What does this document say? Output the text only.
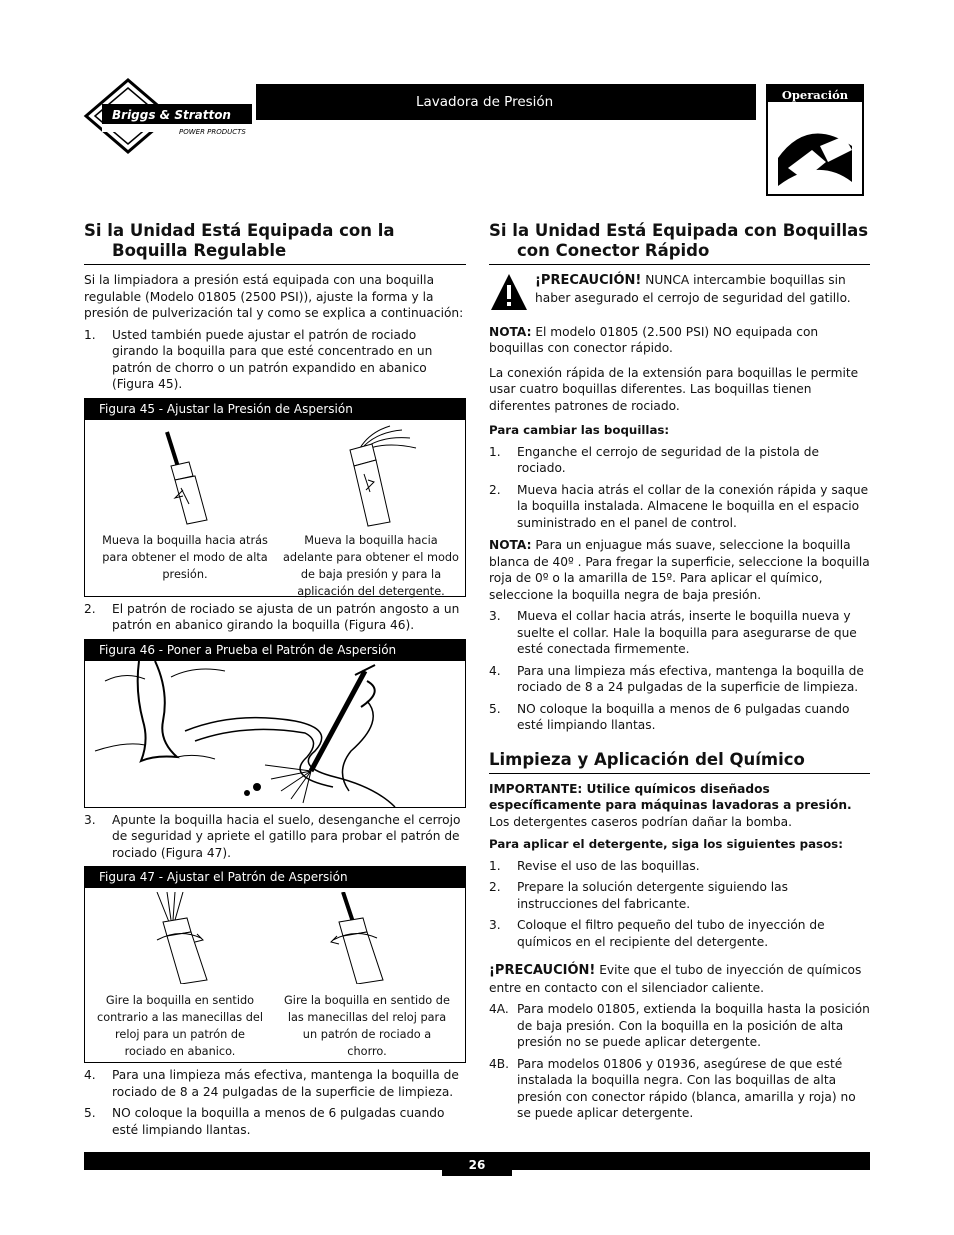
Briggs & Stratton
POWER PRODUCTS
Lavadora de Presión	Operación
Si la Unidad Está Equipada con la Boquilla Regulable

Si la limpiadora a presión está equipada con una boquilla regulable (Modelo 01805 (2500 PSI)), ajuste la forma y la presión de pulverización tal y como se explica a continuación:

1.	Usted también puede ajustar el patrón de rociado girando la boquilla para que esté concentrado en un patrón de chorro o un patrón expandido en abanico (Figura 45).
Figura 45 - Ajustar la Presión de Aspersión
Mueva la boquilla hacia atrás para obtener el modo de alta presión.
Mueva la boquilla hacia adelante para obtener el modo de baja presión y para la aplicación del detergente.
2.	El patrón de rociado se ajusta de un patrón angosto a un patrón en abanico girando la boquilla (Figura 46).
Figura 46 - Poner a Prueba el Patrón de Aspersión
3.	Apunte la boquilla hacia el suelo, desenganche el cerrojo de seguridad y apriete el gatillo para probar el patrón de rociado (Figura 47).
Figura 47 - Ajustar el Patrón de Aspersión
Gire la boquilla en sentido contrario a las manecillas del reloj para un patrón de rociado en abanico.
Gire la boquilla en sentido de las manecillas del reloj para un patrón de rociado a chorro.
4.	Para una limpieza más efectiva, mantenga la boquilla de rociado de 8 a 24 pulgadas de la superficie de limpieza.
5.	NO coloque la boquilla a menos de 6 pulgadas cuando esté limpiando llantas.
Si la Unidad Está Equipada con Boquillas con Conector Rápido
¡PRECAUCIÓN! NUNCA intercambie boquillas sin haber asegurado el cerrojo de seguridad del gatillo.

NOTA: El modelo 01805 (2.500 PSI) NO equipada con boquillas con conector rápido.

La conexión rápida de la extensión para boquillas le permite usar cuatro boquillas diferentes. Las boquillas tienen diferentes patrones de rociado.

Para cambiar las boquillas:

1.	Enganche el cerrojo de seguridad de la pistola de rociado.
2.	Mueva hacia atrás el collar de la conexión rápida y saque la boquilla instalada. Almacene le boquilla en el espacio suministrado en el panel de control.

NOTA: Para un enjuague más suave, seleccione la boquilla blanca de 40º . Para fregar la superficie, seleccione la boquilla roja de 0º o la amarilla de 15º. Para aplicar el químico, seleccione la boquilla negra de baja presión.

3.	Mueva el collar hacia atrás, inserte le boquilla nueva y suelte el collar. Hale la boquilla para asegurarse de que esté conectada firmemente.
4.	Para una limpieza más efectiva, mantenga la boquilla de rociado de 8 a 24 pulgadas de la superficie de limpieza.
5.	NO coloque la boquilla a menos de 6 pulgadas cuando esté limpiando llantas.
Limpieza y Aplicación del Químico

IMPORTANTE: Utilice químicos diseñados específicamente para máquinas lavadoras a presión. Los detergentes caseros podrían dañar la bomba.

Para aplicar el detergente, siga los siguientes pasos:

1.	Revise el uso de las boquillas.
2.	Prepare la solución detergente siguiendo las instrucciones del fabricante.
3.	Coloque el filtro pequeño del tubo de inyección de químicos en el recipiente del detergente.

¡PRECAUCIÓN! Evite que el tubo de inyección de químicos entre en contacto con el silenciador caliente.

4A. Para modelo 01805, extienda la boquilla hasta la posición de baja presión. Con la boquilla en la posición de alta presión no se puede aplicar detergente.
4B. Para modelos 01806 y 01936, asegúrese de que esté instalada la boquilla negra. Con las boquillas de alta presión con conector rápido (blanca, amarilla y roja) no se puede aplicar detergente.
26
